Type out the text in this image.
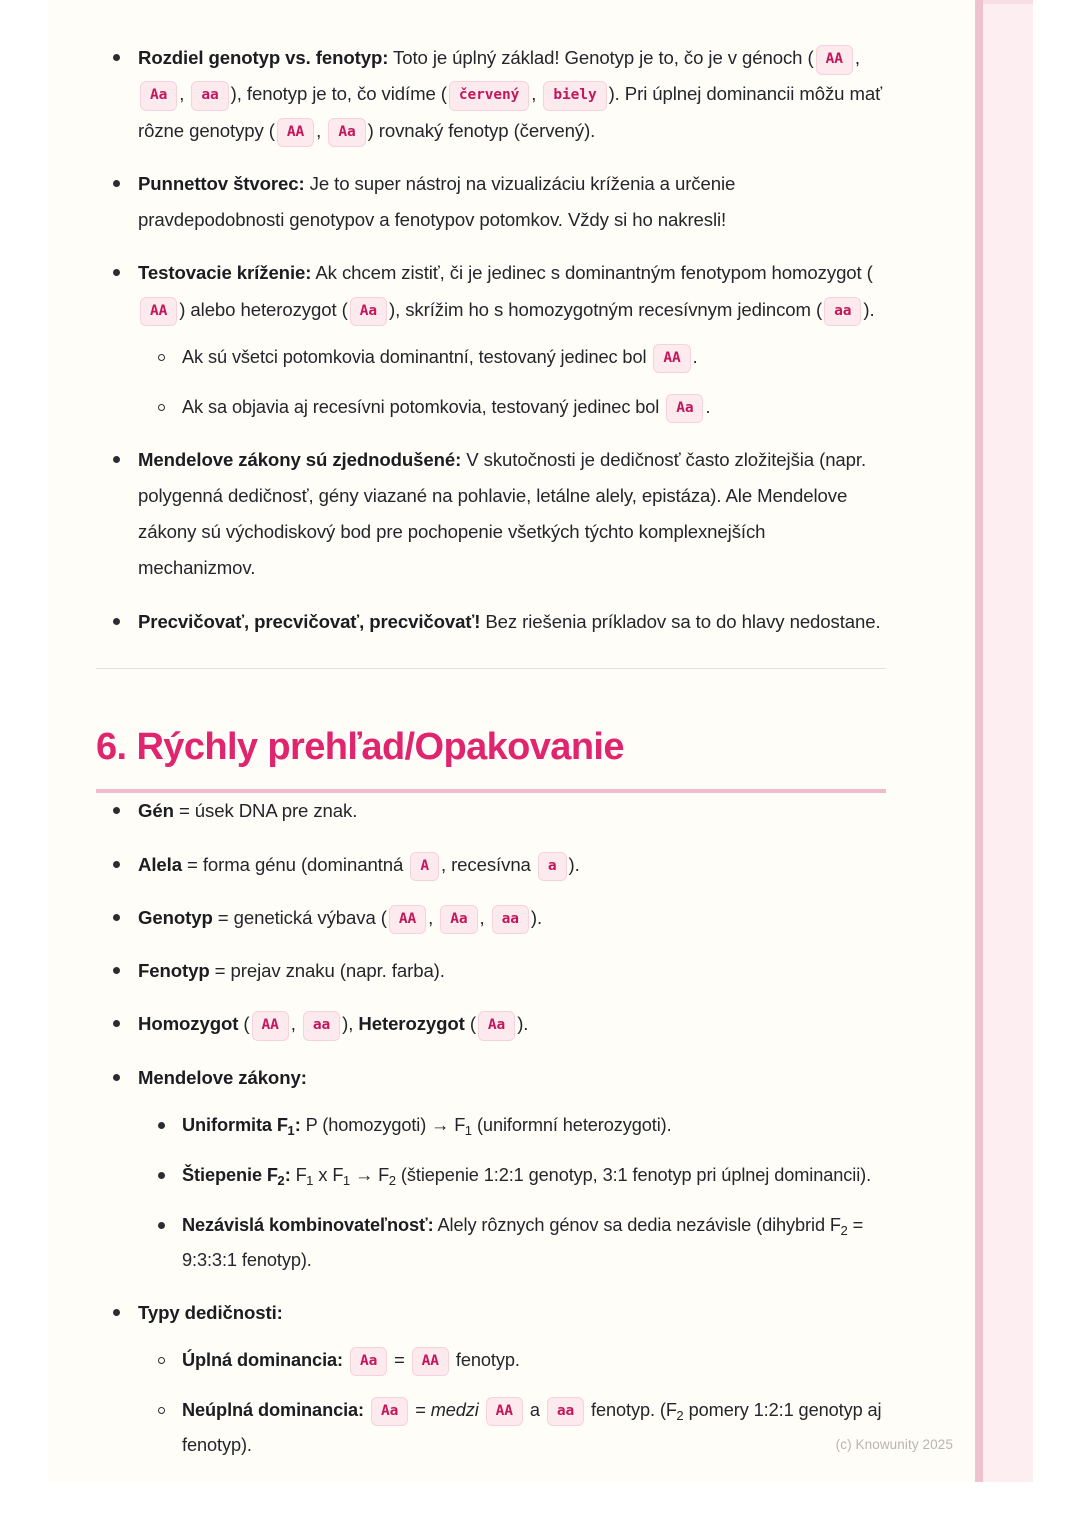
Rozdiel genotyp vs. fenotyp: Toto je úplný základ! Genotyp je to, čo je v génoch ( AA , Aa , aa ), fenotyp je to, čo vidíme ( červený , biely ). Pri úplnej dominancii môžu mať rôzne genotypy ( AA , Aa ) rovnaký fenotyp (červený).
Punnettov štvorec: Je to super nástroj na vizualizáciu kríženia a určenie pravdepodobnosti genotypov a fenotypov potomkov. Vždy si ho nakresli!
Testovacie kríženie: Ak chcem zistiť, či je jedinec s dominantným fenotypom homozygot (AA ) alebo heterozygot ( Aa ), skrížim ho s homozygotným recesívnym jedincom ( aa ).
Ak sú všetci potomkovia dominantní, testovaný jedinec bol AA .
Ak sa objavia aj recesívni potomkovia, testovaný jedinec bol Aa .
Mendelove zákony sú zjednodušené: V skutočnosti je dedičnosť často zložitejšia (napr. polygenná dedičnosť, gény viazané na pohlavie, letálne alely, epistáza). Ale Mendelove zákony sú východiskový bod pre pochopenie všetkých týchto komplexnejších mechanizmov.
Precvičovať, precvičovať, precvičovať! Bez riešenia príkladov sa to do hlavy nedostane.
6. Rýchly prehľad/Opakovanie
Gén = úsek DNA pre znak.
Alela = forma génu (dominantná A , recesívna a ).
Genotyp = genetická výbava ( AA , Aa , aa ).
Fenotyp = prejav znaku (napr. farba).
Homozygot ( AA , aa ), Heterozygot ( Aa ).
Mendelove zákony:
Uniformita $F_1$: P (homozygoti) → $F_1$ (uniformní heterozygoti).
Štiepenie $F_2$: $F_1$ x $F_1 \to F_2$ (štiepenie 1:2:1 genotyp, 3:1 fenotyp pri úplnej dominancii).
Nezávislá kombinovateľnosť: Alely rôznych génov sa dedia nezávisle (dihybrid $F_2$ = 9:3:3:1 fenotyp).
Typy dedičnosti:
Úplná dominancia: Aa = AA fenotyp.
Neúplná dominancia: Aa = medzi AA a aa fenotyp. ($F_2$ pomery 1:2:1 genotyp aj fenotyp).	(c) Knowunity 2025
